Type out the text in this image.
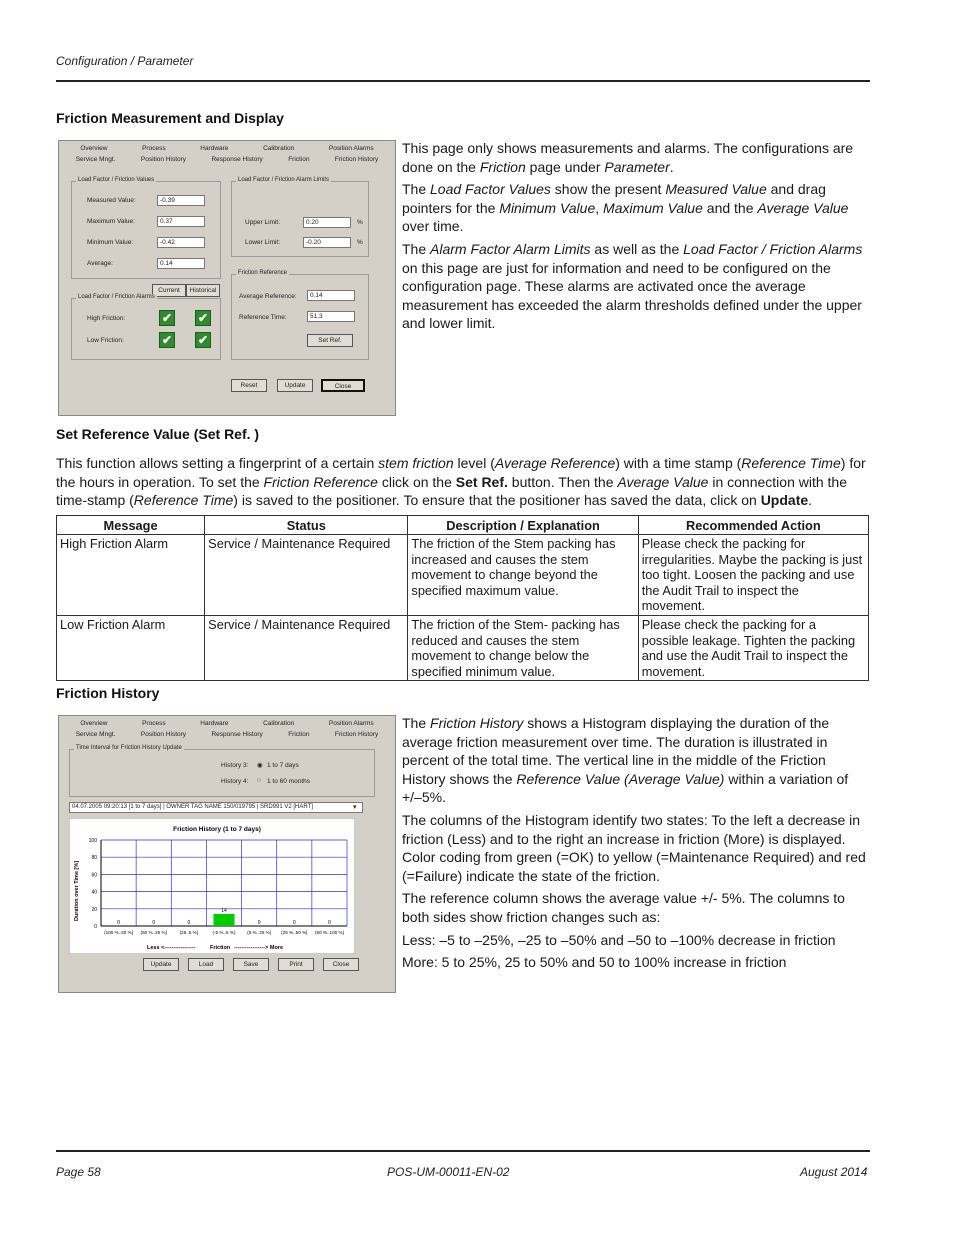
Configuration / Parameter
Friction Measurement and Display
Overview	Process	Hardware	Calibration	Position Alarms
Service Mngt.	Position History	Response History	Friction	Friction History
Load Factor / Friction Values
Measured Value:	-0.39
Maximum Value:	0.37
Minimum Value:	-0.42
Average:	0.14
Load Factor / Friction Alarm Limits
Upper Limit:	0.20	%
Lower Limit:	-0.20	%
Current	Historical
Load Factor / Friction Alarms
High Friction:	✔ ✔
Low Friction:	✔ ✔
Friction Reference
Average Reference:	0.14
Reference Time:	51.3
Set Ref.
Reset	Update	Close

This page only shows measurements and alarms. The configurations are done on the Friction page under Parameter.

The Load Factor Values show the present Measured Value and drag pointers for the Minimum Value, Maximum Value and the Average Value over time.

The Alarm Factor Alarm Limits as well as the Load Factor / Friction Alarms on this page are just for information and need to be configured on the configuration page. These alarms are activated once the average measurement has exceeded the alarm thresholds defined under the upper and lower limit.

Set Reference Value (Set Ref. )

This function allows setting a fingerprint of a certain stem friction level (Average Reference) with a time stamp (Reference Time) for the hours in operation. To set the Friction Reference click on the Set Ref. button. Then the Average Value in connection with the time-stamp (Reference Time) is saved to the positioner. To ensure that the positioner has saved the data, click on Update.

Message	Status	Description / Explanation	Recommended Action
High Friction Alarm	Service / Maintenance Required	The friction of the Stem packing has increased and causes the stem movement to change beyond the specified maximum value.	Please check the packing for irregularities. Maybe the packing is just too tight. Loosen the packing and use the Audit Trail to inspect the movement.
Low Friction Alarm	Service / Maintenance Required	The friction of the Stem- packing has reduced and causes the stem movement to change below the specified minimum value.	Please check the packing for a possible leakage. Tighten the packing and use the Audit Trail to inspect the movement.
Friction History
Overview	Process	Hardware	Calibration	Position Alarms
Service Mngt.	Position History	Response History	Friction	Friction History
Time Interval for Friction History Update
History 3: ◉ 1 to 7 days
History 4: ○ 1 to 60 months
04.07.2005 09:20:13 [1 to 7 days] | OWNER TAG NAME 150/019795 | SRD991 V2 [HART]	▾
Friction History (1 to 7 days)
Duration over Time [%]
Less <-----------------	Friction -----------------> More
0
20
40
60
80
100
0
(100 %..50 %]
0
(50 %..25 %]
0
(25..5 %]
14
(-5 %..5 %)
0
(5 %..25 %]
0
(25 %..50 %]
0
(50 %..100 %]
Update	Load	Save	Print	Close

The Friction History shows a Histogram displaying the duration of the average friction measurement over time. The duration is illustrated in percent of the total time. The vertical line in the middle of the Friction History shows the Reference Value (Average Value) within a variation of +/–5%.

The columns of the Histogram identify two states: To the left a decrease in friction (Less) and to the right an increase in friction (More) is displayed. Color coding from green (=OK) to yellow (=Maintenance Required) and red (=Failure) indicate the state of the friction.

The reference column shows the average value +/- 5%. The columns to both sides show friction changes such as:

Less: –5 to –25%, –25 to –50% and –50 to –100% decrease in friction

More: 5 to 25%, 25 to 50% and 50 to 100% increase in friction

Page 58	POS-UM-00011-EN-02	August 2014
